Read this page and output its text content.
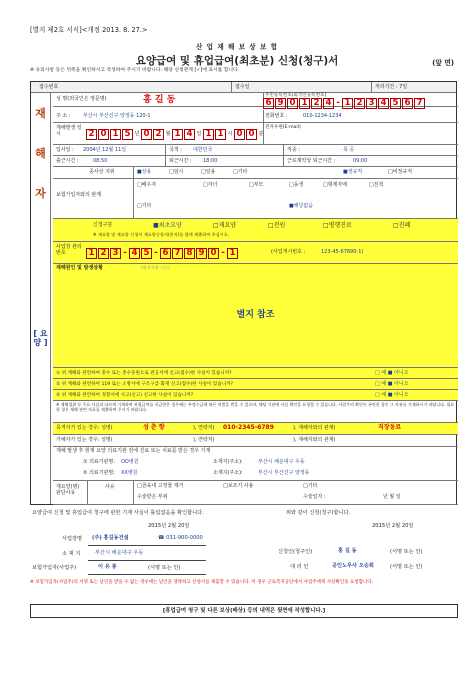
[별지 제2호 서식]<개정 2013. 8. 27.>
산 업 재 해 보 상 보 험
요양급여 및 휴업급여(최초분) 신청(청구)서	(앞 면)
※ 유의사항 등은 뒤쪽을 확인하시고 작성하여 주시기 바랍니다. 해당 신청관계 [✓]에 표시를 합니다.
접수번호	접수일	처리기간 : 7일
재
해
자
성 명(외국인은 영문명)	홍 길 동	주민등록번호(외국인등록번호)
6 9 0 1 2 4 - 1 2 3 4 5 6 7
주 소 : 부산시 부산진구 양정동 120-1	전화번호 :	010-1234-1234
재해발생 일 시
전자우편(E-mail)
2 0 1 5 년 0 2 월 1 4 일 1 1 시 0 0 분
입사일 : 2004년 12월 11일	국적 : 대한민국	직종 :	목 공
출근시간 :	08:50	퇴근시간 : 18:00	근로계약상 퇴근시간 :	09:00
종사상 지위	■상용	□임시	□일용	□기타	■정규직	□비정규직
보험가입자와의 관계
□배우자	□자녀	□부모	□동생	□형제자매	□친척
□기타	■해당없음
[ 요 양 ]
신청구분	■최초요양	□재요양	□전원	□병행진료	□진폐
※ 재요양 및 재요양 신청서 재요양신청서(용지)를 함께 제출하여 주십시오.
사업장 관리번호	(사업개시번호 :	123-45-67890-1)
1 2 3 - 4 5 - 6 7 8 9 0 - 1
재해원인 및 발생상황	(별지사용 가능)
별지 참조
① 위 재해와 관련하여 총수 또는 총수준원으로 관공서에 신고(접수)한 사실이 있습니까?	□ 예 ■ 아니오
② 위 재해와 관련하여 119 또는 소방서에 구조구급·화재 신고(접수)한 사실이 있습니까?	□ 예 ■ 아니오
③ 위 재해와 관련하여 경찰서에 사고(신고) 신고한 사실이 있습니까?	□ 예 ■ 아니오
※ 재해경위 등 주요 사실과 다르게 기재하여 보험급여를 지급받은 경우에는 부정수급에 따른 처벌을 받을 수 있으며, 해당 기관에 사실 확인을 요청할 수 있습니다. 사업주의 확인이 곤란한 경우 그 사유를 기재하시기 바랍니다. 필요한 경우 재해 관련 자료를 제출하여 주시기 바랍니다.
목격자가 있는 경우: 성명(	성 춘 향	), 연락처( 010-2345-6789	), 재해자와의 관계(	직장동료
가해자가 있는 경우: 성명(	), 연락처(	), 재해자와의 관계(
재해 발생 후 현재 요양 의료기관 전에 진료 또는 치료를 받은 경우 기재
① 의료기관명: OO병원	소재지(주소):	부산시 해운대구 우동
② 의료기관명: XX병원	소재지(주소):	부산시 부산진구 양정동
재요양(병) 판단사유
사유	□골육내 고정물 제거	□보조기 사용	□기타
수술받은 부위	수술일자 :	년 월 일
요양급여 신청 및 휴업급여 청구에 관한 기재 사실이 틀림없음을 확인합니다.	위와 같이 신청(청구)합니다.
2015년 2월 20일	2015년 2월 20일
사업장명 (주) 홍길동건설	☎ 031-900-0000
소 재 지	부산시 해운대구 우동	신청인(청구인)	홍 길 동	(서명 또는 인)
보험가입자(사업주)	이 유 봉	(서명 또는 인)	대 리 인	공인노무사 오승희	(서명 또는 인)
※ 보험가입자(사업주)의 서명 또는 날인을 받을 수 없는 경우에는 날인을 생략하고 신청서를 제출할 수 있습니다. 이 경우 근로복지공단에서 사업주에게 사실확인을 요청합니다.
[휴업급여 청구 및 다른 보상(배상) 등의 내역은 뒷면에 작성합니다.]
